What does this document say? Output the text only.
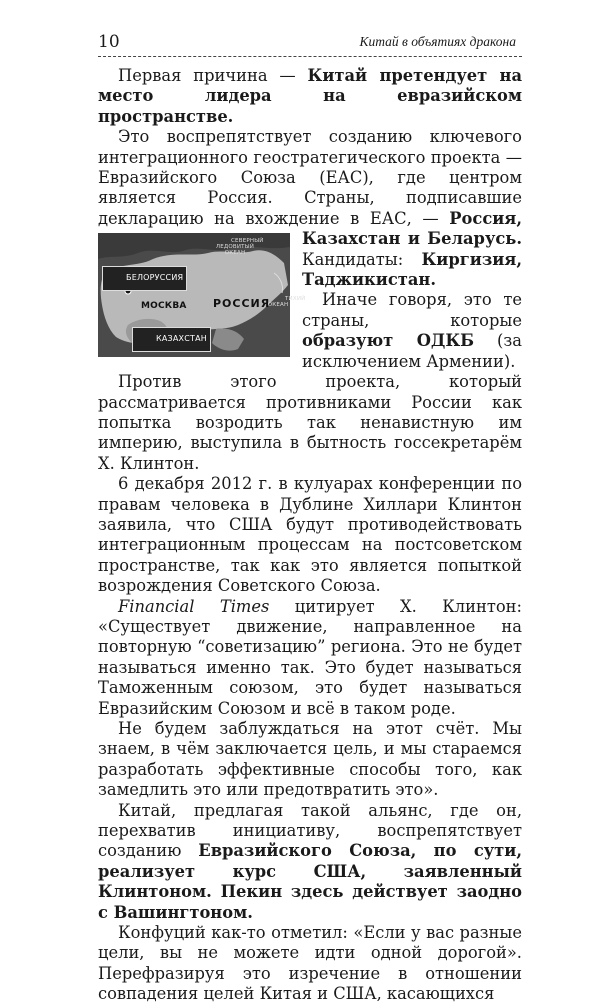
10	Китай в объятиях дракона

Первая причина — Китай претендует на место лидера на евразийском пространстве.

Это воспрепятствует созданию ключевого интеграционного геостратегического проекта — Евразийского Союза (ЕАС), где центром является Россия. Страны, подписавшие декларацию на вхождение в ЕАС, —
БЕЛОРУССИЯ
МОСКВА	РОССИЯ
КАЗАХСТАН
СЕВЕРНЫЙ ЛЕДОВИТЫЙ ОКЕАН
ТИХИЙ ОКЕАН
Россия, Казахстан и Беларусь. Кандидаты: Киргизия, Таджикистан.

Иначе говоря, это те страны, которые образуют ОДКБ (за исключением Армении).

Против этого проекта, который рассматривается противниками России как попытка возродить так ненавистную им империю, выступила в бытность госсекретарём Х. Клинтон.

6 декабря 2012 г. в кулуарах конференции по правам человека в Дублине Хиллари Клинтон заявила, что США будут противодействовать интеграционным процессам на постсоветском пространстве, так как это является попыткой возрождения Советского Союза.

Financial Times цитирует Х. Клинтон: «Существует движение, направленное на повторную “советизацию” региона. Это не будет называться именно так. Это будет называться Таможенным союзом, это будет называться Евразийским Союзом и всё в таком роде.

Не будем заблуждаться на этот счёт. Мы знаем, в чём заключается цель, и мы стараемся разработать эффективные способы того, как замедлить это или предотвратить это».

Китай, предлагая такой альянс, где он, перехватив инициативу, воспрепятствует созданию Евразийского Союза, по сути, реализует курс США, заявленный Клинтоном. Пекин здесь действует заодно с Вашингтоном.

Конфуций как-то отметил: «Если у вас разные цели, вы не можете идти одной дорогой». Перефразируя это изречение в отношении совпадения целей Китая и США, касающихся
